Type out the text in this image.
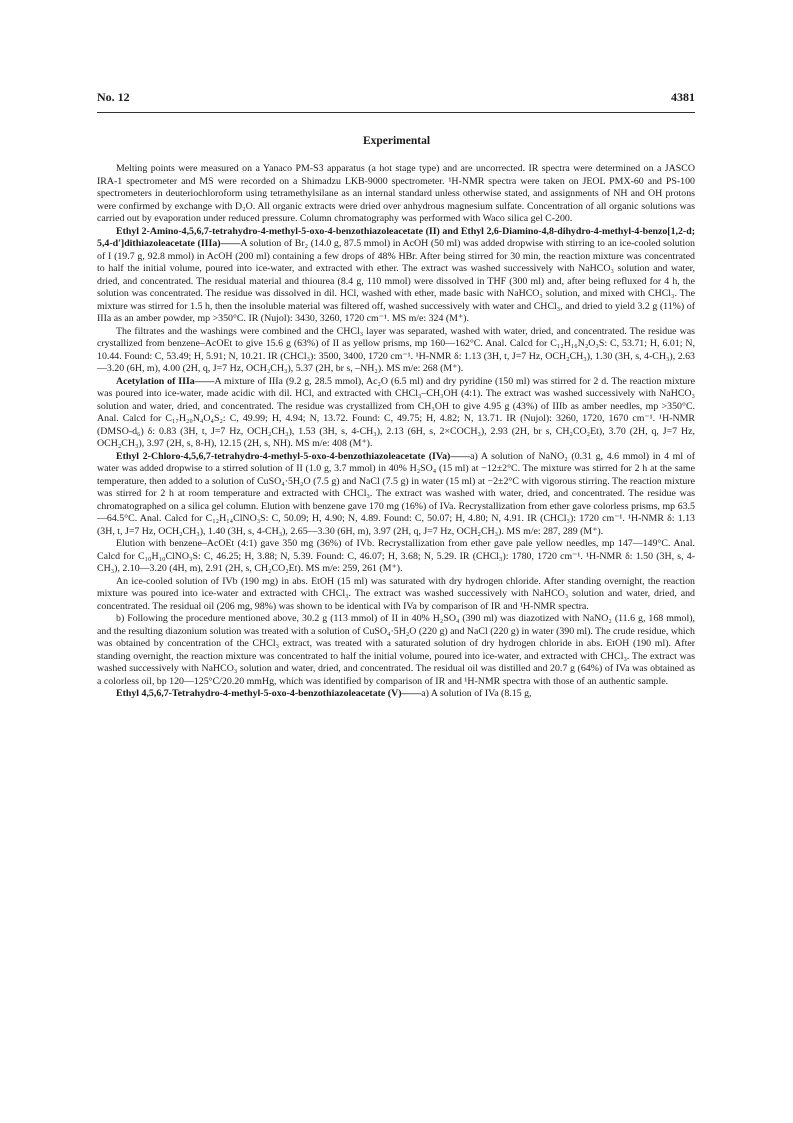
No. 12	4381
Experimental

Melting points were measured on a Yanaco PM-S3 apparatus (a hot stage type) and are uncorrected. IR spectra were determined on a JASCO IRA-1 spectrometer and MS were recorded on a Shimadzu LKB-9000 spectrometer. ¹H-NMR spectra were taken on JEOL PMX-60 and PS-100 spectrometers in deuteriochloroform using tetramethylsilane as an internal standard unless otherwise stated, and assignments of NH and OH protons were confirmed by exchange with D₂O. All organic extracts were dried over anhydrous magnesium sulfate. Concentration of all organic solutions was carried out by evaporation under reduced pressure. Column chromatography was performed with Waco silica gel C-200.

Ethyl 2-Amino-4,5,6,7-tetrahydro-4-methyl-5-oxo-4-benzothiazoleacetate (II) and Ethyl 2,6-Diamino-4,8-dihydro-4-methyl-4-benzo[1,2-d; 5,4-d′]dithiazoleacetate (IIIa)——A solution of Br₂ (14.0 g, 87.5 mmol) in AcOH (50 ml) was added dropwise with stirring to an ice-cooled solution of I (19.7 g, 92.8 mmol) in AcOH (200 ml) containing a few drops of 48% HBr. After being stirred for 30 min, the reaction mixture was concentrated to half the initial volume, poured into ice-water, and extracted with ether. The extract was washed successively with NaHCO₃ solution and water, dried, and concentrated. The residual material and thiourea (8.4 g, 110 mmol) were dissolved in THF (300 ml) and, after being refluxed for 4 h, the solution was concentrated. The residue was dissolved in dil. HCl, washed with ether, made basic with NaHCO₃ solution, and mixed with CHCl₃. The mixture was stirred for 1.5 h, then the insoluble material was filtered off, washed successively with water and CHCl₃, and dried to yield 3.2 g (11%) of IIIa as an amber powder, mp >350°C. IR (Nujol): 3430, 3260, 1720 cm⁻¹. MS m/e: 324 (M⁺).

The filtrates and the washings were combined and the CHCl₃ layer was separated, washed with water, dried, and concentrated. The residue was crystallized from benzene–AcOEt to give 15.6 g (63%) of II as yellow prisms, mp 160—162°C. Anal. Calcd for C₁₂H₁₆N₂O₃S: C, 53.71; H, 6.01; N, 10.44. Found: C, 53.49; H, 5.91; N, 10.21. IR (CHCl₃): 3500, 3400, 1720 cm⁻¹. ¹H-NMR δ: 1.13 (3H, t, J=7 Hz, OCH₂CH₃), 1.30 (3H, s, 4-CH₃), 2.63—3.20 (6H, m), 4.00 (2H, q, J=7 Hz, OCH₂CH₃), 5.37 (2H, br s, –NH₂). MS m/e: 268 (M⁺).

Acetylation of IIIa——A mixture of IIIa (9.2 g, 28.5 mmol), Ac₂O (6.5 ml) and dry pyridine (150 ml) was stirred for 2 d. The reaction mixture was poured into ice-water, made acidic with dil. HCl, and extracted with CHCl₃–CH₃OH (4:1). The extract was washed successively with NaHCO₃ solution and water, dried, and concentrated. The residue was crystallized from CH₃OH to give 4.95 g (43%) of IIIb as amber needles, mp >350°C. Anal. Calcd for C₁₇H₂₀N₄O₄S₂: C, 49.99; H, 4.94; N, 13.72. Found: C, 49.75; H, 4.82; N, 13.71. IR (Nujol): 3260, 1720, 1670 cm⁻¹. ¹H-NMR (DMSO-d₆) δ: 0.83 (3H, t, J=7 Hz, OCH₂CH₃), 1.53 (3H, s, 4-CH₃), 2.13 (6H, s, 2×COCH₃), 2.93 (2H, br s, CH₂CO₂Et), 3.70 (2H, q, J=7 Hz, OCH₂CH₃), 3.97 (2H, s, 8-H), 12.15 (2H, s, NH). MS m/e: 408 (M⁺).

Ethyl 2-Chloro-4,5,6,7-tetrahydro-4-methyl-5-oxo-4-benzothiazoleacetate (IVa)——a) A solution of NaNO₂ (0.31 g, 4.6 mmol) in 4 ml of water was added dropwise to a stirred solution of II (1.0 g, 3.7 mmol) in 40% H₂SO₄ (15 ml) at −12±2°C. The mixture was stirred for 2 h at the same temperature, then added to a solution of CuSO₄·5H₂O (7.5 g) and NaCl (7.5 g) in water (15 ml) at −2±2°C with vigorous stirring. The reaction mixture was stirred for 2 h at room temperature and extracted with CHCl₃. The extract was washed with water, dried, and concentrated. The residue was chromatographed on a silica gel column. Elution with benzene gave 170 mg (16%) of IVa. Recrystallization from ether gave colorless prisms, mp 63.5—64.5°C. Anal. Calcd for C₁₂H₁₄ClNO₃S: C, 50.09; H, 4.90; N, 4.89. Found: C, 50.07; H, 4.80; N, 4.91. IR (CHCl₃): 1720 cm⁻¹. ¹H-NMR δ: 1.13 (3H, t, J=7 Hz, OCH₂CH₃), 1.40 (3H, s, 4-CH₃), 2.65—3.30 (6H, m), 3.97 (2H, q, J=7 Hz, OCH₂CH₃). MS m/e: 287, 289 (M⁺).

Elution with benzene–AcOEt (4:1) gave 350 mg (36%) of IVb. Recrystallization from ether gave pale yellow needles, mp 147—149°C. Anal. Calcd for C₁₀H₁₀ClNO₃S: C, 46.25; H, 3.88; N, 5.39. Found: C, 46.07; H, 3.68; N, 5.29. IR (CHCl₃): 1780, 1720 cm⁻¹. ¹H-NMR δ: 1.50 (3H, s, 4-CH₃), 2.10—3.20 (4H, m), 2.91 (2H, s, CH₂CO₂Et). MS m/e: 259, 261 (M⁺).

An ice-cooled solution of IVb (190 mg) in abs. EtOH (15 ml) was saturated with dry hydrogen chloride. After standing overnight, the reaction mixture was poured into ice-water and extracted with CHCl₃. The extract was washed successively with NaHCO₃ solution and water, dried, and concentrated. The residual oil (206 mg, 98%) was shown to be identical with IVa by comparison of IR and ¹H-NMR spectra.

b) Following the procedure mentioned above, 30.2 g (113 mmol) of II in 40% H₂SO₄ (390 ml) was diazotized with NaNO₂ (11.6 g, 168 mmol), and the resulting diazonium solution was treated with a solution of CuSO₄·5H₂O (220 g) and NaCl (220 g) in water (390 ml). The crude residue, which was obtained by concentration of the CHCl₃ extract, was treated with a saturated solution of dry hydrogen chloride in abs. EtOH (190 ml). After standing overnight, the reaction mixture was concentrated to half the initial volume, poured into ice-water, and extracted with CHCl₃. The extract was washed successively with NaHCO₃ solution and water, dried, and concentrated. The residual oil was distilled and 20.7 g (64%) of IVa was obtained as a colorless oil, bp 120—125°C/20.20 mmHg, which was identified by comparison of IR and ¹H-NMR spectra with those of an authentic sample.

Ethyl 4,5,6,7-Tetrahydro-4-methyl-5-oxo-4-benzothiazoleacetate (V)——a) A solution of IVa (8.15 g,
